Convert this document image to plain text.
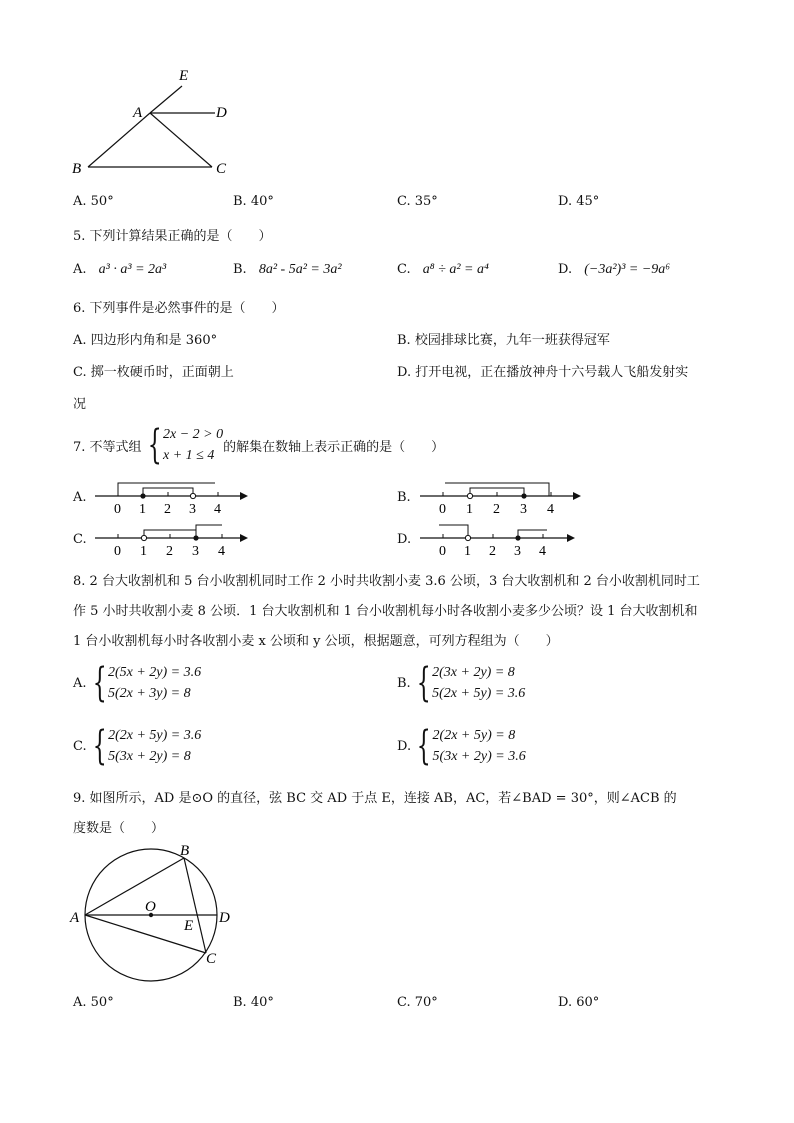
E
A	D
B	C
A. 50°	B. 40°	C. 35°	D. 45°
5. 下列计算结果正确的是（　　）
A. a³ · a³ = 2a³	B. 8a² - 5a² = 3a²	C. a⁸ ÷ a² = a⁴	D. (−3a²)³ = −9a⁶
6. 下列事件是必然事件的是（　　）
A. 四边形内角和是 360°	B. 校园排球比赛，九年一班获得冠军
C. 掷一枚硬币时，正面朝上	D. 打开电视，正在播放神舟十六号载人飞船发射实
况
7. 不等式组 { 2x − 2 > 0
x + 1 ≤ 4
的解集在数轴上表示正确的是（　　）
A.
0 1 2 3 4
B.
0 1 2 3 4
C.
0 1 2 3 4
D.
0 1 2 3 4
8. 2 台大收割机和 5 台小收割机同时工作 2 小时共收割小麦 3.6 公顷，3 台大收割机和 2 台小收割机同时工
作 5 小时共收割小麦 8 公顷．1 台大收割机和 1 台小收割机每小时各收割小麦多少公顷？设 1 台大收割机和
1 台小收割机每小时各收割小麦 x 公顷和 y 公顷，根据题意，可列方程组为（　　）
A. { 2(5x + 2y) = 3.6
5(2x + 3y) = 8
B. { 2(3x + 2y) = 8
5(2x + 5y) = 3.6
C. { 2(2x + 5y) = 3.6
5(3x + 2y) = 8
D. { 2(2x + 5y) = 8
5(3x + 2y) = 3.6
9. 如图所示，AD 是⊙O 的直径，弦 BC 交 AD 于点 E，连接 AB，AC，若∠BAD = 30°，则∠ACB 的
度数是（　　）
A
B
C
D
O
E
A. 50°	B. 40°	C. 70°	D. 60°
